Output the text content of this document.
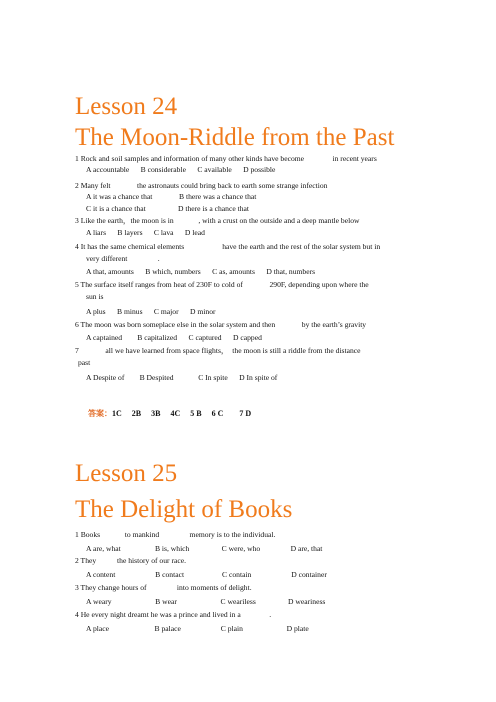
Lesson 24
The Moon-Riddle from the Past
1 Rock and soil samples and information of many other kinds have become               in recent years
A accountable      B considerable      C available      D possible
2 Many felt              the astronauts could bring back to earth some strange infection
A it was a chance that              B there was a chance that
C it is a chance that                 D there is a chance that
3 Like the earth，the moon is in             , with a crust on the outside and a deep mantle below
A liars      B layers      C lava      D lead
4 It has the same chemical elements                    have the earth and the rest of the solar system but in
very different                .
A that, amounts      B which, numbers      C as, amounts      D that, numbers
5 The surface itself ranges from heat of 230F to cold of              290F, depending upon where the
sun is
A plus      B minus      C major      D minor
6 The moon was born someplace else in the solar system and then              by the earth’s gravity
A captained        B capitalized      C captured      D capped
7              all we have learned from space flights，  the moon is still a riddle from the distance
past
A Despite of        B Despited             C In spite      D In spite of

答案：1C     2B     3B     4C     5 B     6 C        7 D

Lesson 25
The Delight of Books
1 Books             to mankind                memory is to the individual.
A are, what                  B is, which                 C were, who                D are, that
2 They           the history of our race.
A content                     B contact                    C contain                     D container
3 They change hours of                into moments of delight.
A weary                       B wear                       C weariless                 D weariness
4 He every night dreamt he was a prince and lived in a               .
A place                        B palace                     C plain                       D plate
